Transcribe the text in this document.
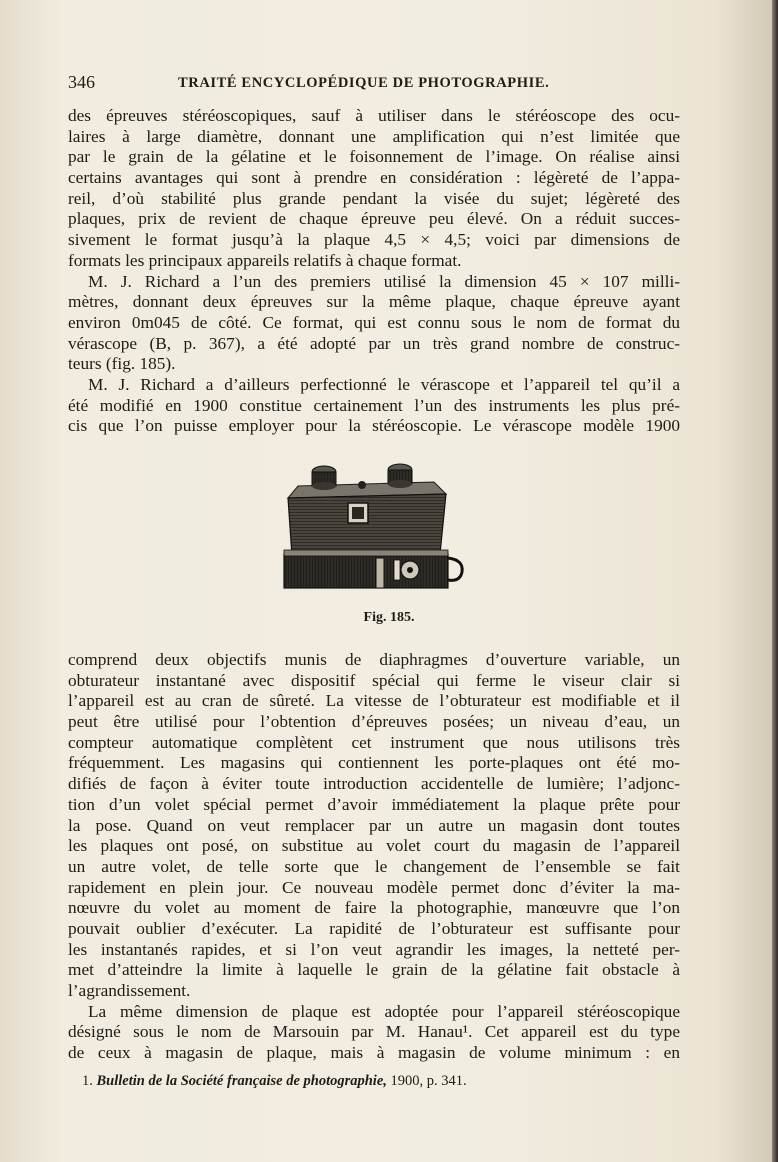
346	TRAITÉ ENCYCLOPÉDIQUE DE PHOTOGRAPHIE.
des épreuves stéréoscopiques, sauf à utiliser dans le stéréoscope des ocu-
laires à large diamètre, donnant une amplification qui n’est limitée que
par le grain de la gélatine et le foisonnement de l’image. On réalise ainsi
certains avantages qui sont à prendre en considération : légèreté de l’appa-
reil, d’où stabilité plus grande pendant la visée du sujet; légèreté des
plaques, prix de revient de chaque épreuve peu élevé. On a réduit succes-
sivement le format jusqu’à la plaque 4,5 × 4,5; voici par dimensions de
formats les principaux appareils relatifs à chaque format.
M. J. Richard a l’un des premiers utilisé la dimension 45 × 107 milli-
mètres, donnant deux épreuves sur la même plaque, chaque épreuve ayant
environ 0m045 de côté. Ce format, qui est connu sous le nom de format du
vérascope (B, p. 367), a été adopté par un très grand nombre de construc-
teurs (fig. 185).
M. J. Richard a d’ailleurs perfectionné le vérascope et l’appareil tel qu’il a
été modifié en 1900 constitue certainement l’un des instruments les plus pré-
cis que l’on puisse employer pour la stéréoscopie. Le vérascope modèle 1900
Fig. 185.
comprend deux objectifs munis de diaphragmes d’ouverture variable, un
obturateur instantané avec dispositif spécial qui ferme le viseur clair si
l’appareil est au cran de sûreté. La vitesse de l’obturateur est modifiable et il
peut être utilisé pour l’obtention d’épreuves posées; un niveau d’eau, un
compteur automatique complètent cet instrument que nous utilisons très
fréquemment. Les magasins qui contiennent les porte-plaques ont été mo-
difiés de façon à éviter toute introduction accidentelle de lumière; l’adjonc-
tion d’un volet spécial permet d’avoir immédiatement la plaque prête pour
la pose. Quand on veut remplacer par un autre un magasin dont toutes
les plaques ont posé, on substitue au volet court du magasin de l’appareil
un autre volet, de telle sorte que le changement de l’ensemble se fait
rapidement en plein jour. Ce nouveau modèle permet donc d’éviter la ma-
nœuvre du volet au moment de faire la photographie, manœuvre que l’on
pouvait oublier d’exécuter. La rapidité de l’obturateur est suffisante pour
les instantanés rapides, et si l’on veut agrandir les images, la netteté per-
met d’atteindre la limite à laquelle le grain de la gélatine fait obstacle à
l’agrandissement.
La même dimension de plaque est adoptée pour l’appareil stéréoscopique
désigné sous le nom de Marsouin par M. Hanau¹. Cet appareil est du type
de ceux à magasin de plaque, mais à magasin de volume minimum : en
1. Bulletin de la Société française de photographie, 1900, p. 341.
